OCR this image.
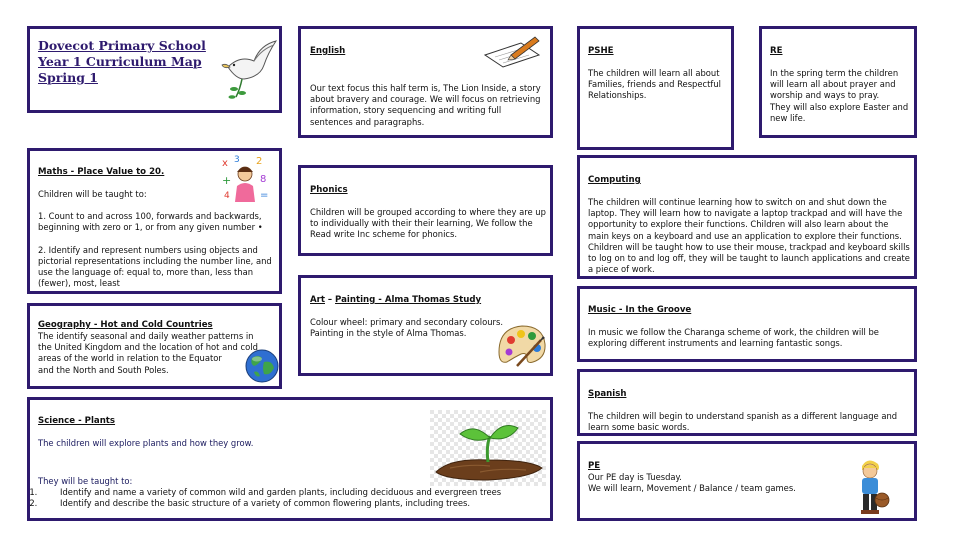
Dovecot Primary School
Year 1 Curriculum Map
Spring 1
English
Our text focus this half term is, The Lion Inside, a story about bravery and courage. We will focus on retrieving information, story sequencing and writing full sentences and paragraphs.
PSHE
The children will learn all about Families, friends and Respectful Relationships.
RE
In the spring term the children will learn all about prayer and worship and ways to pray.
They will also explore Easter and new life.
Maths - Place Value to 20.
Children will be taught to:
1. Count to and across 100, forwards and backwards, beginning with zero or 1, or from any given number •
2. Identify and represent numbers using objects and pictorial representations including the number line, and use the language of: equal to, more than, less than (fewer), most, least
x 3 2
+	8
4	=	Phonics
Children will be grouped according to where they are up to individually with their their learning, We follow the Read write Inc scheme for phonics.
Computing
The children will continue learning how to switch on and shut down the laptop. They will learn how to navigate a laptop trackpad and will have the opportunity to explore their functions. Children will also learn about the main keys on a keyboard and use an application to explore their functions. Children will be taught how to use their mouse, trackpad and keyboard skills to log on to and log off, they will be taught to launch applications and create a piece of work.
Geography - Hot and Cold Countries
The identify seasonal and daily weather patterns in the United Kingdom and the location of hot and cold areas of the world in relation to the Equator
and the North and South Poles.
Art – Painting - Alma Thomas Study
Colour wheel: primary and secondary colours.
Painting in the style of Alma Thomas.
Music - In the Groove
In music we follow the Charanga scheme of work, the children will be exploring different instruments and learning fantastic songs.
Spanish
The children will begin to understand spanish as a different language and learn some basic words.
Science - Plants
The children will explore plants and how they grow.
They will be taught to:
1. Identify and name a variety of common wild and garden plants, including deciduous and evergreen trees
2. Identify and describe the basic structure of a variety of common flowering plants, including trees.
PE
Our PE day is Tuesday.
We will learn, Movement / Balance / team games.
